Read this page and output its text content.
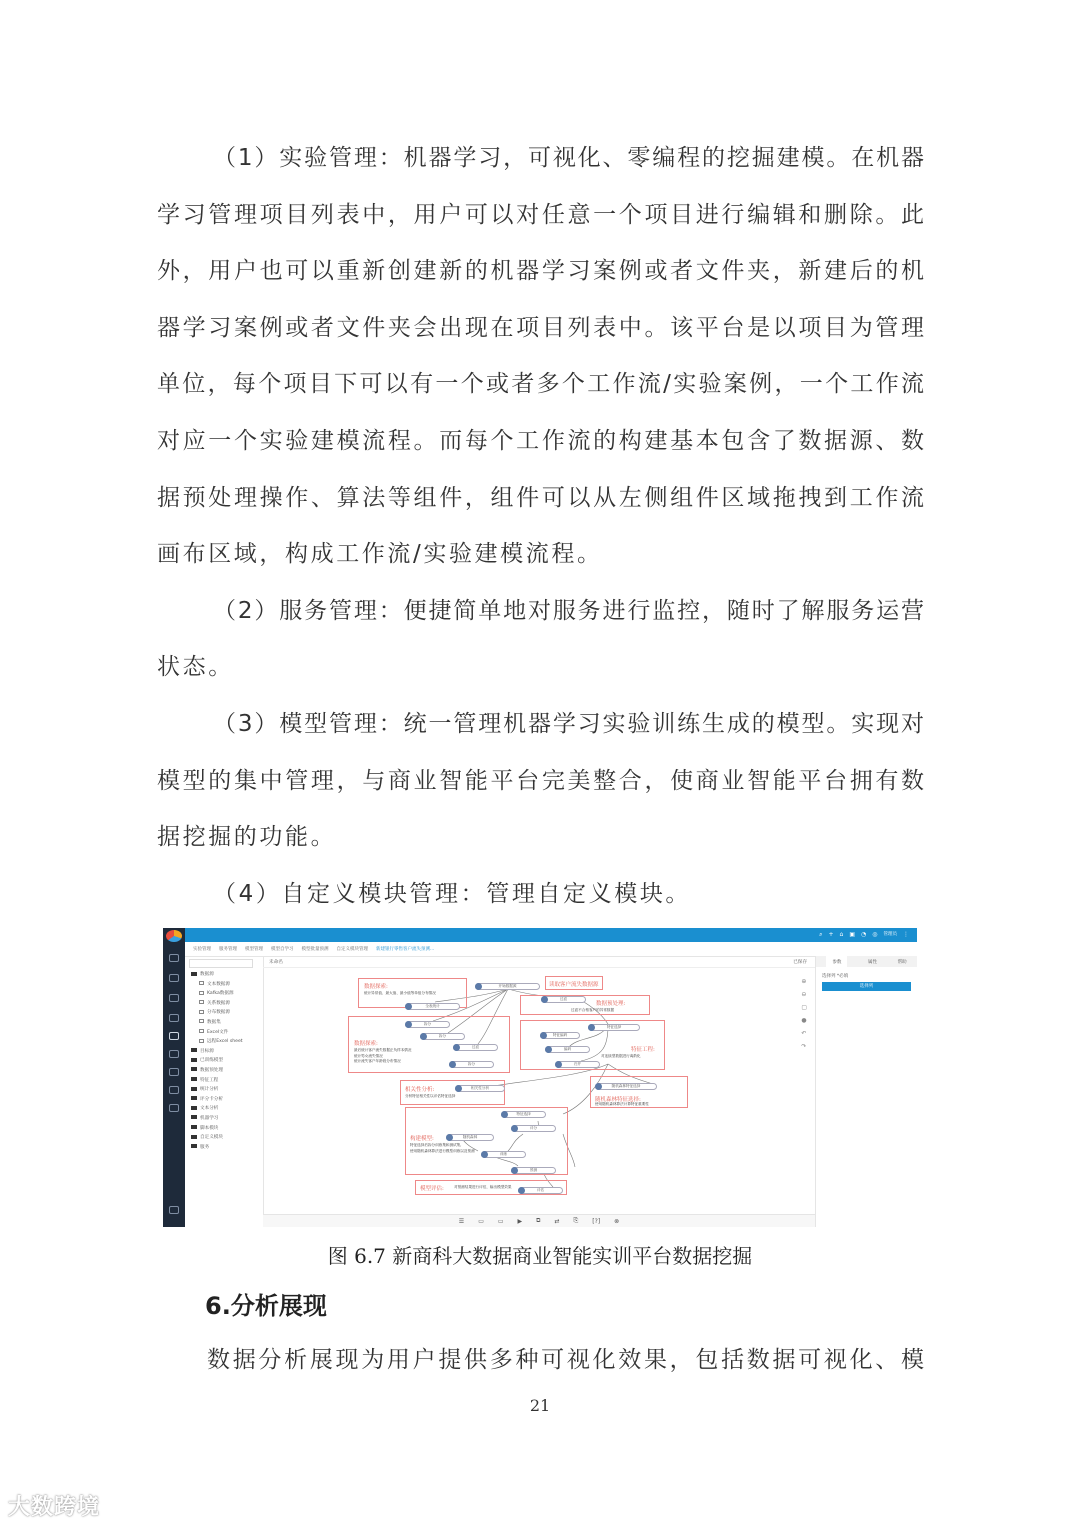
（1）实验管理：机器学习，可视化、零编程的挖掘建模。在机器
学习管理项目列表中，用户可以对任意一个项目进行编辑和删除。此
外，用户也可以重新创建新的机器学习案例或者文件夹，新建后的机
器学习案例或者文件夹会出现在项目列表中。该平台是以项目为管理
单位，每个项目下可以有一个或者多个工作流/实验案例，一个工作流
对应一个实验建模流程。而每个工作流的构建基本包含了数据源、数
据预处理操作、算法等组件，组件可以从左侧组件区域拖拽到工作流
画布区域，构成工作流/实验建模流程。
（2）服务管理：便捷简单地对服务进行监控，随时了解服务运营
状态。
（3）模型管理：统一管理机器学习实验训练生成的模型。实现对
模型的集中管理，与商业智能平台完美整合，使商业智能平台拥有数
据挖掘的功能。
（4）自定义模块管理：管理自定义模块。
⌕ + ⌂ ▣ ◔ ◎ 管理员 ⋮
实验管理 服务管理 模型管理 模型自学习 模型批量预测 自定义模块管理 新建银行零售客户流失预测...
数据源
文本数据源
Kafka数据源
关系数据源
分布数据源
数据集
Excel文件
远程Excel sheet
目标源
已训练模型
数据预处理
特征工程
统计分析
评分卡分析
文本分析
机器学习
脚本模块
自定义模块
服务
未命名	已保存
数据探索:
统计异常值、最大值、最小值等单组分布情况
读取客户流失数据源
数据探索:
最后统计客户流失数据正负样本情况
统计男女流失情况
统计流失客户年龄段分布情况
数据预处理:
过滤不合格客户的异常数据
特征工程:
对连续型数据进行离散化
相关性分析:
分析特征相关性以评估特征选择
随机森林特征选择:
使用随机森林算法计算特征重要性
构建模型:
特征选择后拆分训练集和测试集,
使用随机森林算法进行模型训练以及预测
模型评估:	对预测结果进行评估，输出模型效果
开始数据源
全表统计
拆分
拆分
过滤
拆分
过滤
特征选择
特征编码
编码
归并
相关性分析	随机森林特征选择
特征选择
评分
随机森林
训练
预测
评估
⊕
⊖
▢
●
↶
↷
☰ ▭ ▭ ▶ ⧉ ⇄ ⎘ [?] ⊗
参数	属性	帮助
选择列 *必填
选择列
图 6.7 新商科大数据商业智能实训平台数据挖掘
6.分析展现
数据分析展现为用户提供多种可视化效果，包括数据可视化、模
21
大数跨境
